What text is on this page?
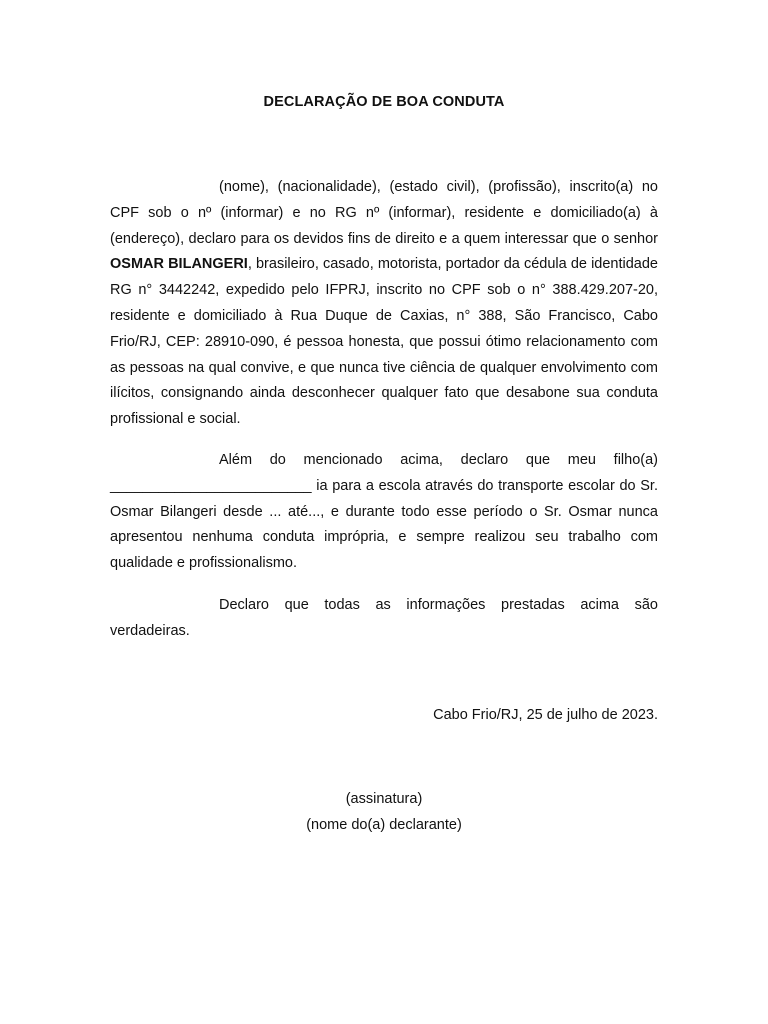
DECLARAÇÃO DE BOA CONDUTA

(nome), (nacionalidade), (estado civil), (profissão), inscrito(a) no CPF sob o nº (informar) e no RG nº (informar), residente e domiciliado(a) à (endereço), declaro para os devidos fins de direito e a quem interessar que o senhor OSMAR BILANGERI, brasileiro, casado, motorista, portador da cédula de identidade RG n° 3442242, expedido pelo IFPRJ, inscrito no CPF sob o n° 388.429.207-20, residente e domiciliado à Rua Duque de Caxias, n° 388, São Francisco, Cabo Frio/RJ, CEP: 28910-090, é pessoa honesta, que possui ótimo relacionamento com as pessoas na qual convive, e que nunca tive ciência de qualquer envolvimento com ilícitos, consignando ainda desconhecer qualquer fato que desabone sua conduta profissional e social.

Além do mencionado acima, declaro que meu filho(a) _________________________ ia para a escola através do transporte escolar do Sr. Osmar Bilangeri desde ... até..., e durante todo esse período o Sr. Osmar nunca apresentou nenhuma conduta imprópria, e sempre realizou seu trabalho com qualidade e profissionalismo.

Declaro que todas as informações prestadas acima são verdadeiras.

Cabo Frio/RJ, 25 de julho de 2023.
(assinatura)
(nome do(a) declarante)
